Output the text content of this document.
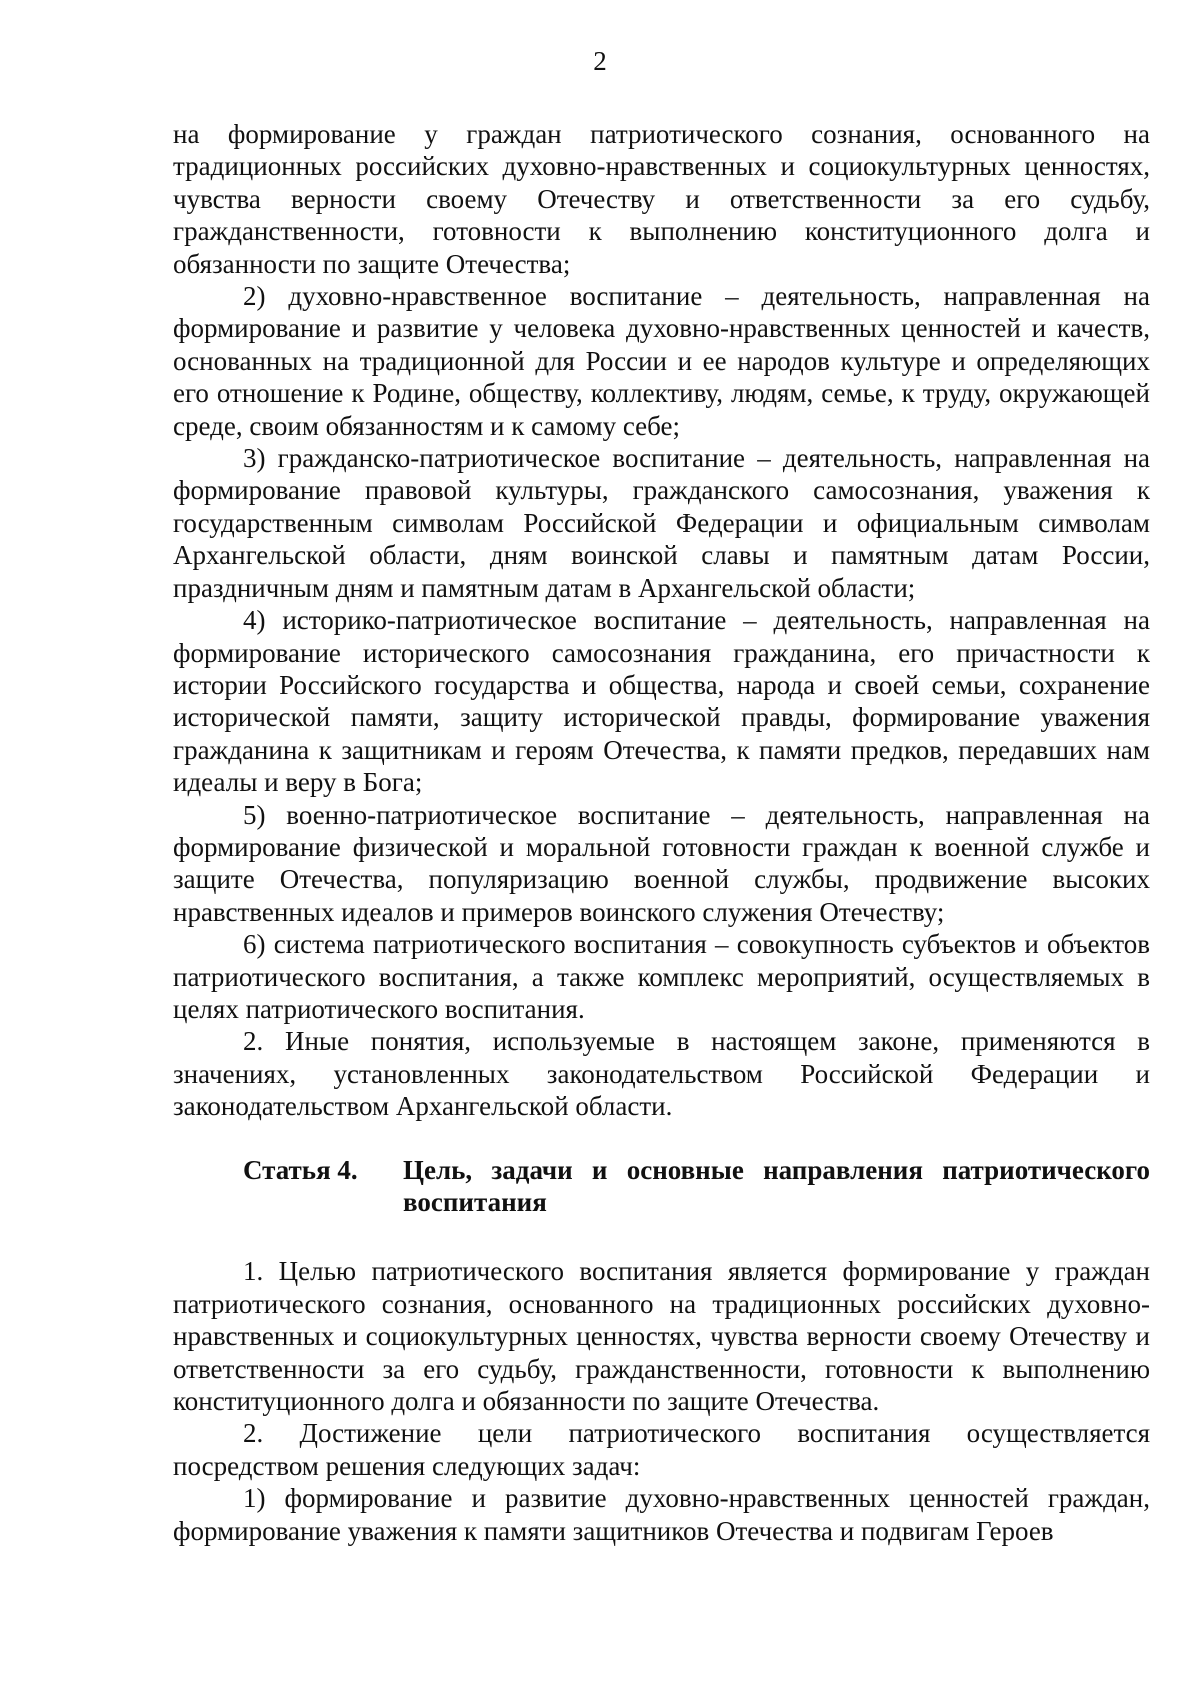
2

на формирование у граждан патриотического сознания, основанного на традиционных российских духовно-нравственных и социокультурных ценностях, чувства верности своему Отечеству и ответственности за его судьбу, гражданственности, готовности к выполнению конституционного долга и обязанности по защите Отечества;

2) духовно-нравственное воспитание – деятельность, направленная на формирование и развитие у человека духовно-нравственных ценностей и качеств, основанных на традиционной для России и ее народов культуре и определяющих его отношение к Родине, обществу, коллективу, людям, семье, к труду, окружающей среде, своим обязанностям и к самому себе;

3) гражданско-патриотическое воспитание – деятельность, направленная на формирование правовой культуры, гражданского самосознания, уважения к государственным символам Российской Федерации и официальным символам Архангельской области, дням воинской славы и памятным датам России, праздничным дням и памятным датам в Архангельской области;

4) историко-патриотическое воспитание – деятельность, направленная на формирование исторического самосознания гражданина, его причастности к истории Российского государства и общества, народа и своей семьи, сохранение исторической памяти, защиту исторической правды, формирование уважения гражданина к защитникам и героям Отечества, к памяти предков, передавших нам идеалы и веру в Бога;

5) военно-патриотическое воспитание – деятельность, направленная на формирование физической и моральной готовности граждан к военной службе и защите Отечества, популяризацию военной службы, продвижение высоких нравственных идеалов и примеров воинского служения Отечеству;

6) система патриотического воспитания – совокупность субъектов и объектов патриотического воспитания, а также комплекс мероприятий, осуществляемых в целях патриотического воспитания.

2. Иные понятия, используемые в настоящем законе, применяются в значениях, установленных законодательством Российской Федерации и законодательством Архангельской области.

Статья 4.	Цель, задачи и основные направления патриотического воспитания

1. Целью патриотического воспитания является формирование у граждан патриотического сознания, основанного на традиционных российских духовно-нравственных и социокультурных ценностях, чувства верности своему Отечеству и ответственности за его судьбу, гражданственности, готовности к выполнению конституционного долга и обязанности по защите Отечества.

2. Достижение цели патриотического воспитания осуществляется посредством решения следующих задач:

1) формирование и развитие духовно-нравственных ценностей граждан, формирование уважения к памяти защитников Отечества и подвигам Героев
